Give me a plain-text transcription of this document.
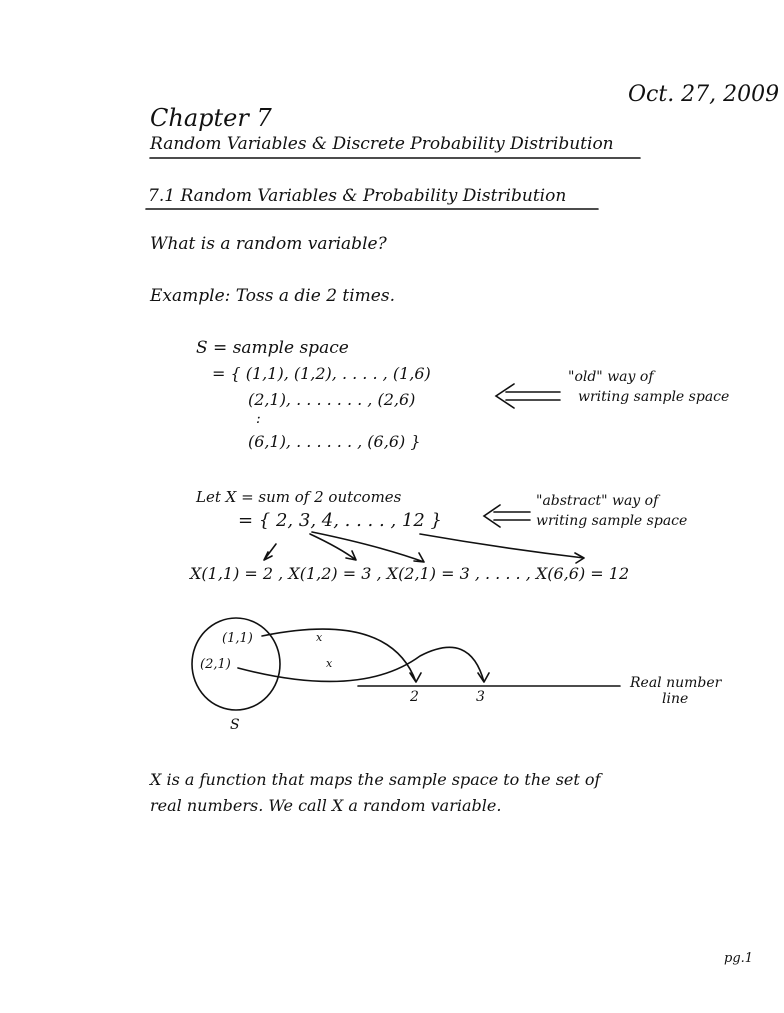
Oct. 27, 2009
Chapter 7
Random Variables & Discrete Probability Distribution
7.1 Random Variables & Probability Distribution
What is a random variable?
Example: Toss a die 2 times.
S = sample space
= { (1,1), (1,2), . . . . , (1,6)
(2,1), . . . . . . . , (2,6)
:
(6,1), . . . . . . , (6,6) }
"old" way of
writing sample space
Let X = sum of 2 outcomes
= { 2, 3, 4, . . . . , 12 }
"abstract" way of
writing sample space
X(1,1) = 2 , X(1,2) = 3 , X(2,1) = 3 , . . . . , X(6,6) = 12
(1,1)
(2,1)
x
x
2	3
S
Real number
line
X is a function that maps the sample space to the set of
real numbers. We call X a random variable.
pg.1
